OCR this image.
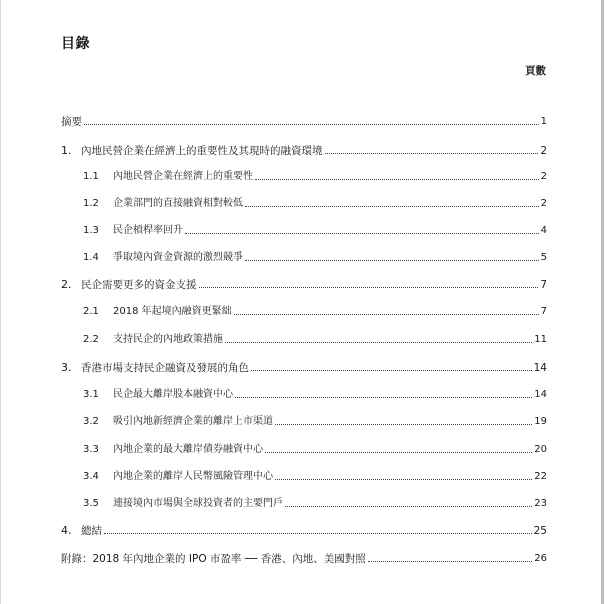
目錄
頁數
摘要	1
1. 內地民營企業在經濟上的重要性及其現時的融資環境	2
1.1	內地民營企業在經濟上的重要性	2
1.2	企業部門的直接融資相對較低	2
1.3	民企槓桿率回升	4
1.4	爭取境內資金資源的激烈競爭	5
2. 民企需要更多的資金支援	7
2.1	2018 年起境內融資更緊絀	7
2.2	支持民企的內地政策措施	11
3. 香港市場支持民企融資及發展的角色	14
3.1	民企最大離岸股本融資中心	14
3.2	吸引內地新經濟企業的離岸上市渠道	19
3.3	內地企業的最大離岸債券融資中心	20
3.4	內地企業的離岸人民幣風險管理中心	22
3.5	連接境內市場與全球投資者的主要門戶	23
4. 總結	25
附錄：2018 年內地企業的 IPO 市盈率 ── 香港、內地、美國對照	26
